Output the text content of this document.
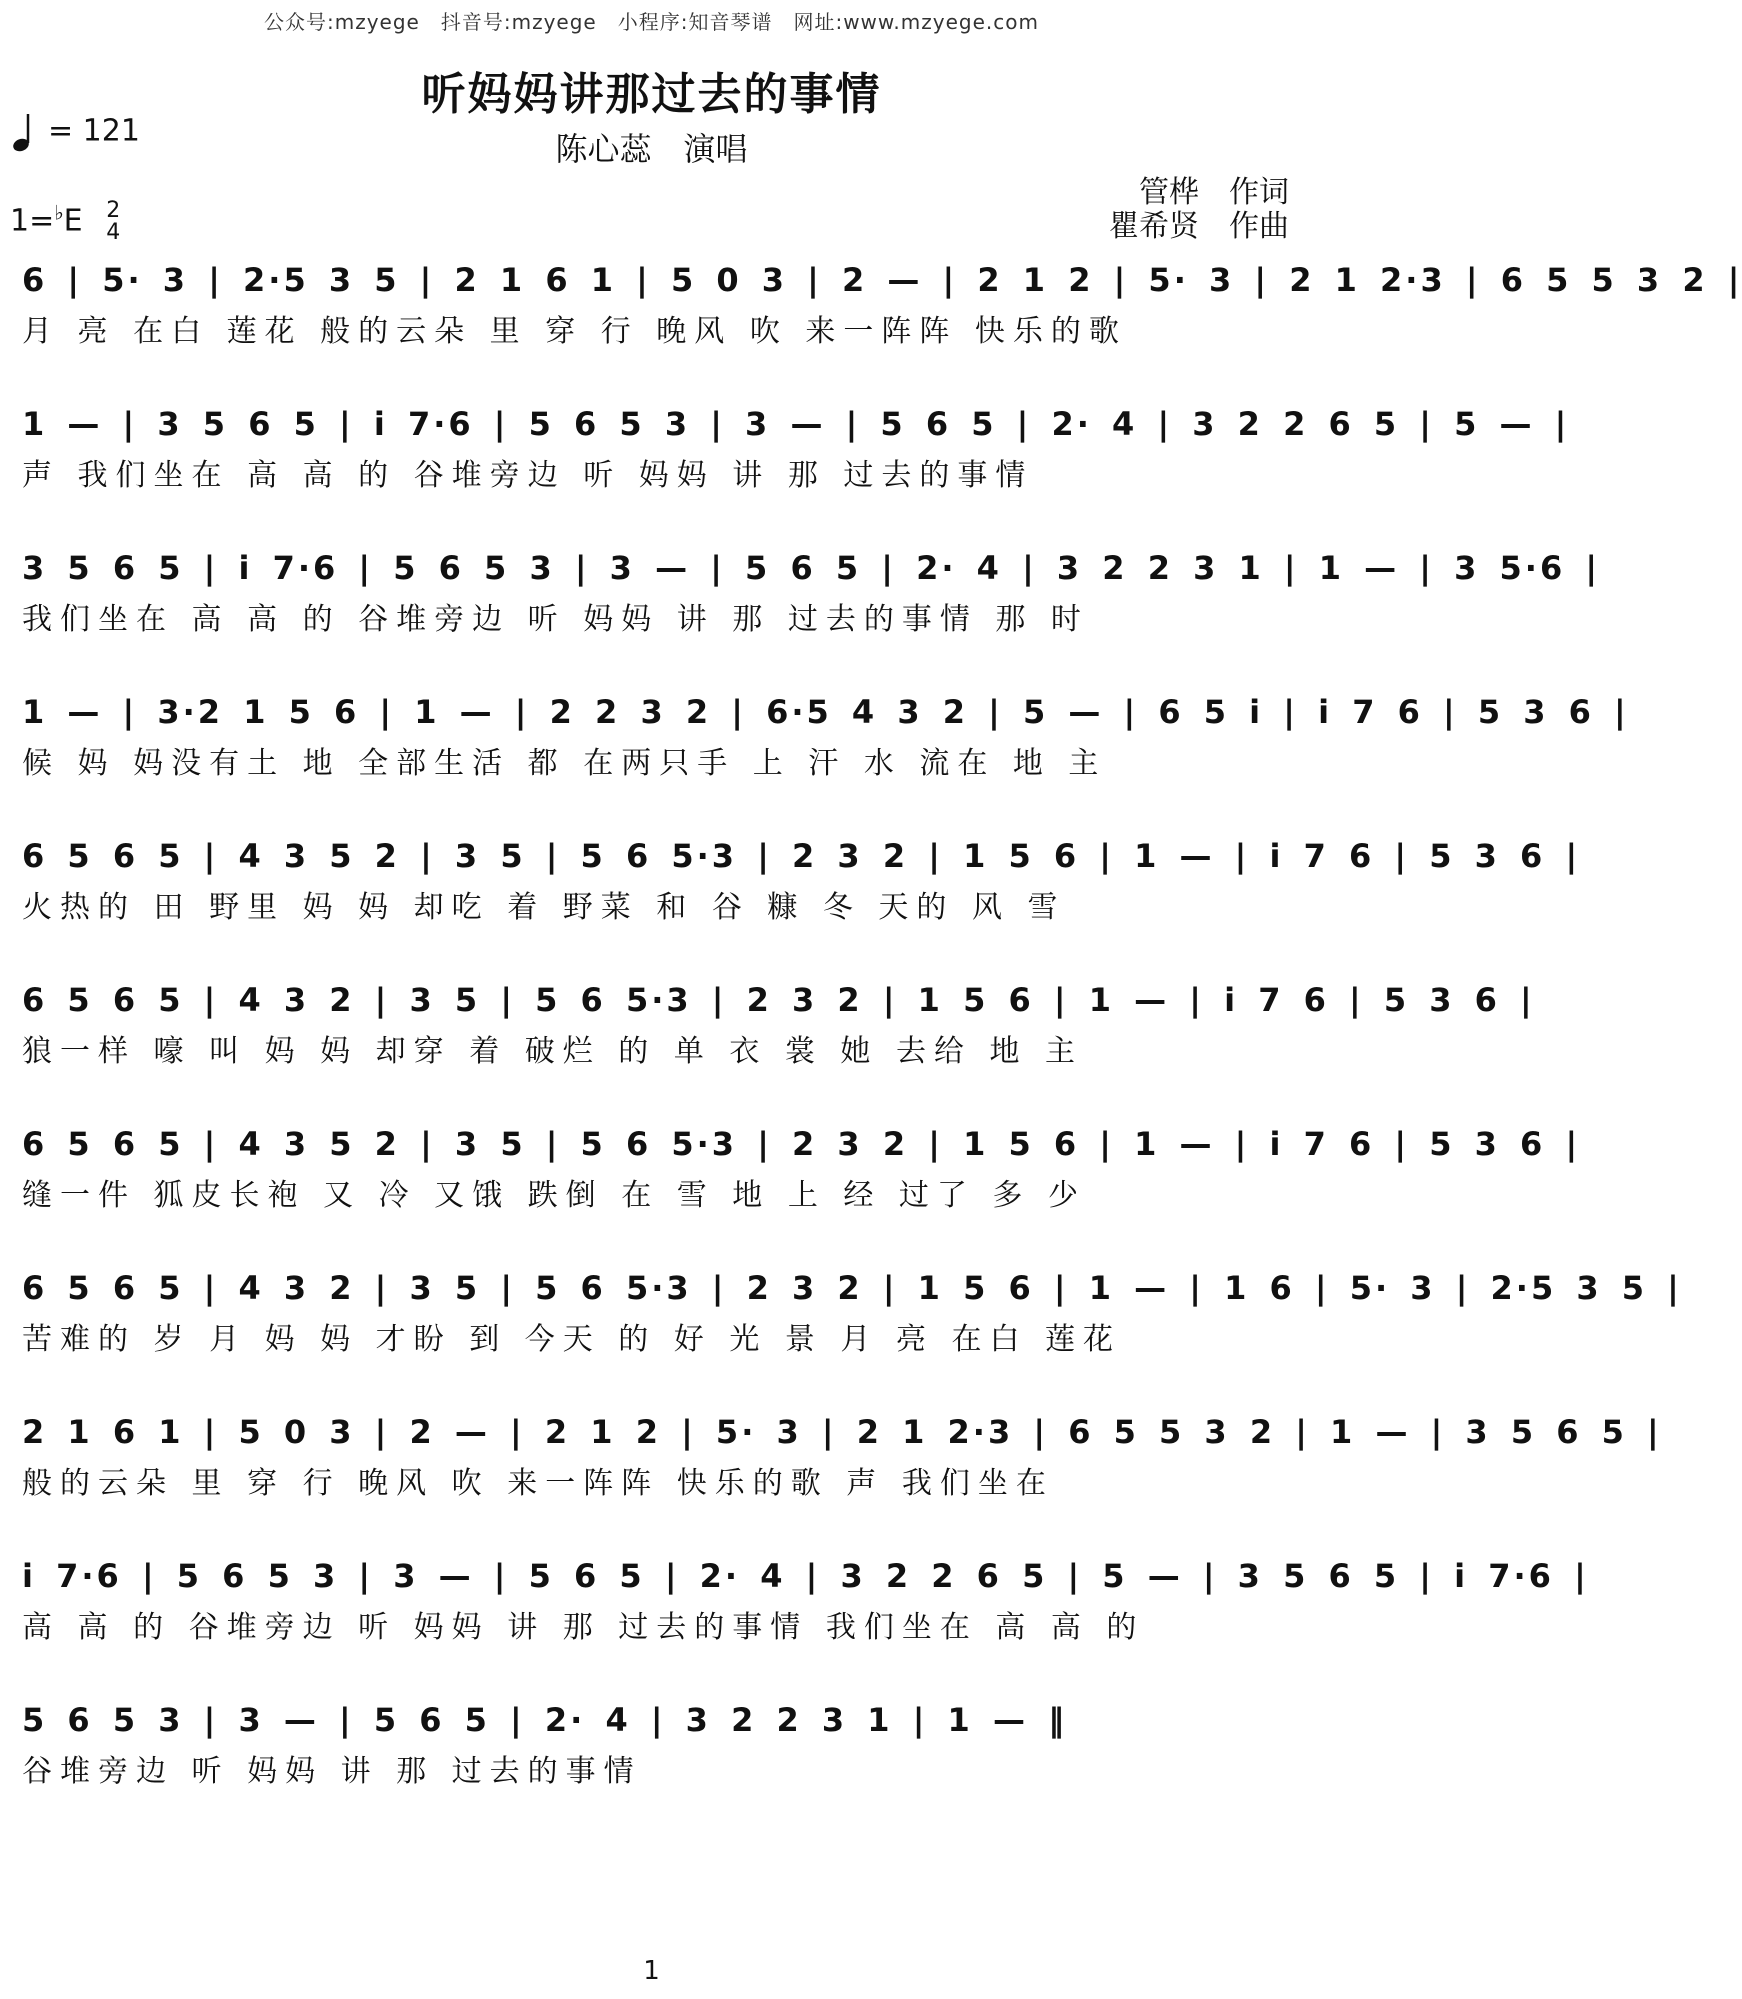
公众号:mzyege　抖音号:mzyege　小程序:知音琴谱　网址:www.mzyege.com
听妈妈讲那过去的事情
陈心蕊　演唱
= 121
1=♭E 2
4
管桦　作词
瞿希贤　作曲
6 | 5· 3 | 2·5 3 5 | 2 1 6 1 | 5 0 3 | 2 — | 2 1 2 | 5· 3 | 2 1 2·3 | 6 5 5 3 2 |
月 亮 在白 莲花 般的云朵 里 穿 行 晚风 吹 来一阵阵 快乐的歌
1 — | 3 5 6 5 | i 7·6 | 5 6 5 3 | 3 — | 5 6 5 | 2· 4 | 3 2 2 6 5 | 5 — |
声 我们坐在 高 高 的 谷堆旁边 听 妈妈 讲 那 过去的事情
3 5 6 5 | i 7·6 | 5 6 5 3 | 3 — | 5 6 5 | 2· 4 | 3 2 2 3 1 | 1 — | 3 5·6 |
我们坐在 高 高 的 谷堆旁边 听 妈妈 讲 那 过去的事情 那 时
1 — | 3·2 1 5 6 | 1 — | 2 2 3 2 | 6·5 4 3 2 | 5 — | 6 5 i | i 7 6 | 5 3 6 |
候 妈 妈没有土 地 全部生活 都 在两只手 上 汗 水 流在 地 主
6 5 6 5 | 4 3 5 2 | 3 5 | 5 6 5·3 | 2 3 2 | 1 5 6 | 1 — | i 7 6 | 5 3 6 |
火热的 田 野里 妈 妈 却吃 着 野菜 和 谷 糠 冬 天的 风 雪
6 5 6 5 | 4 3 2 | 3 5 | 5 6 5·3 | 2 3 2 | 1 5 6 | 1 — | i 7 6 | 5 3 6 |
狼一样 嚎 叫 妈 妈 却穿 着 破烂 的 单 衣 裳 她 去给 地 主
6 5 6 5 | 4 3 5 2 | 3 5 | 5 6 5·3 | 2 3 2 | 1 5 6 | 1 — | i 7 6 | 5 3 6 |
缝一件 狐皮长袍 又 冷 又饿 跌倒 在 雪 地 上 经 过了 多 少
6 5 6 5 | 4 3 2 | 3 5 | 5 6 5·3 | 2 3 2 | 1 5 6 | 1 — | 1 6 | 5· 3 | 2·5 3 5 |
苦难的 岁 月 妈 妈 才盼 到 今天 的 好 光 景 月 亮 在白 莲花
2 1 6 1 | 5 0 3 | 2 — | 2 1 2 | 5· 3 | 2 1 2·3 | 6 5 5 3 2 | 1 — | 3 5 6 5 |
般的云朵 里 穿 行 晚风 吹 来一阵阵 快乐的歌 声 我们坐在
i 7·6 | 5 6 5 3 | 3 — | 5 6 5 | 2· 4 | 3 2 2 6 5 | 5 — | 3 5 6 5 | i 7·6 |
高 高 的 谷堆旁边 听 妈妈 讲 那 过去的事情 我们坐在 高 高 的
5 6 5 3 | 3 — | 5 6 5 | 2· 4 | 3 2 2 3 1 | 1 — ‖
谷堆旁边 听 妈妈 讲 那 过去的事情
1
